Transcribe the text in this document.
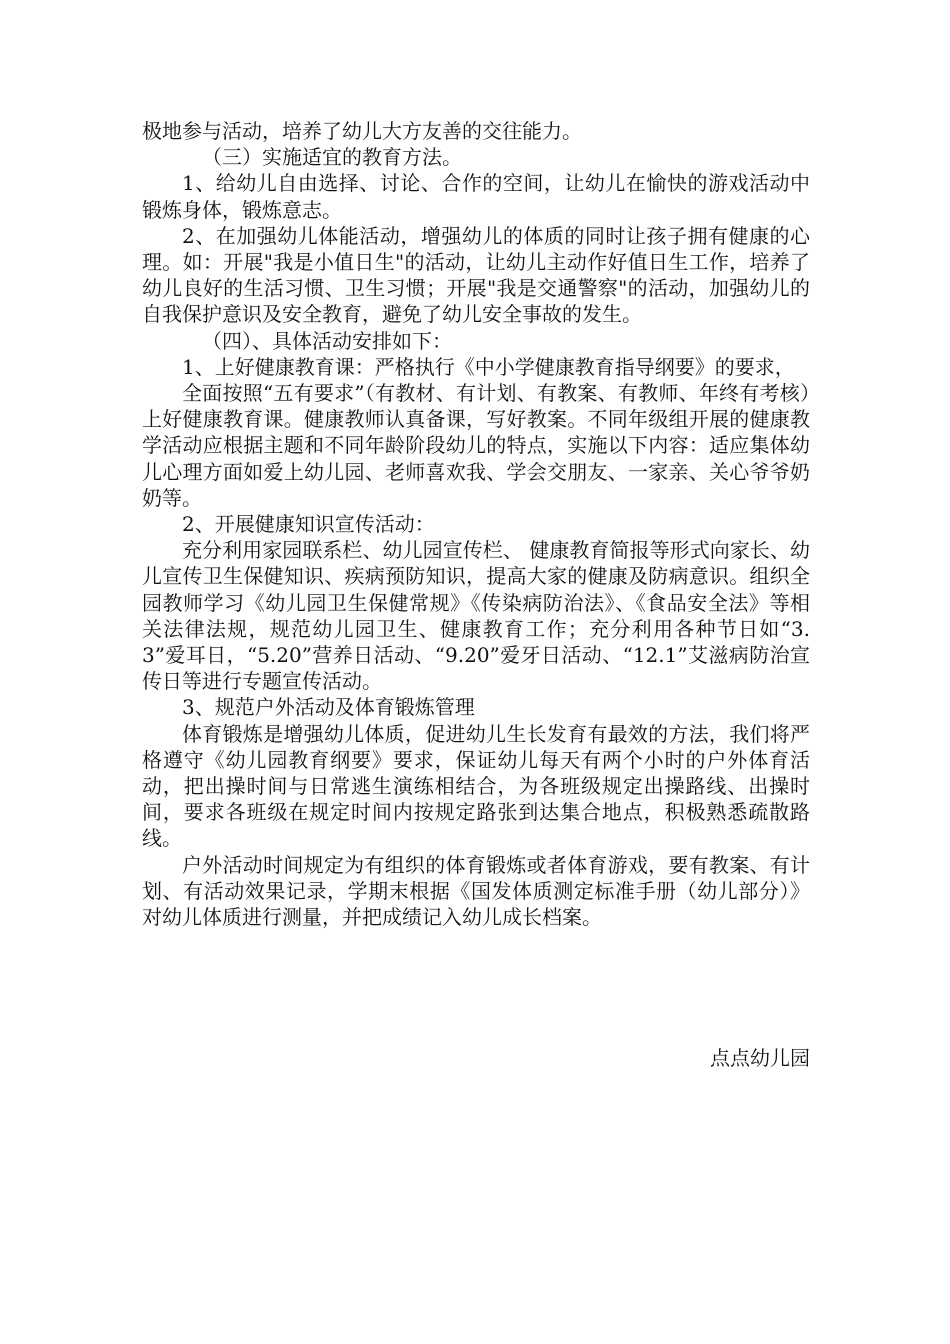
极地参与活动，培养了幼儿大方友善的交往能力。

（三）实施适宜的教育方法。

1、给幼儿自由选择、讨论、合作的空间，让幼儿在愉快的游戏活动中锻炼身体，锻炼意志。

2、在加强幼儿体能活动，增强幼儿的体质的同时让孩子拥有健康的心理。如：开展"我是小值日生"的活动，让幼儿主动作好值日生工作，培养了幼儿良好的生活习惯、卫生习惯；开展"我是交通警察"的活动，加强幼儿的自我保护意识及安全教育，避免了幼儿安全事故的发生。

（四）、具体活动安排如下：

1、上好健康教育课：严格执行《中小学健康教育指导纲要》的要求，

全面按照“五有要求”（有教材、有计划、有教案、有教师、年终有考核）上好健康教育课。健康教师认真备课，写好教案。不同年级组开展的健康教学活动应根据主题和不同年龄阶段幼儿的特点，实施以下内容：适应集体幼儿心理方面如爱上幼儿园、老师喜欢我、学会交朋友、一家亲、关心爷爷奶奶等。

2、开展健康知识宣传活动：

充分利用家园联系栏、幼儿园宣传栏、 健康教育简报等形式向家长、幼儿宣传卫生保健知识、疾病预防知识，提高大家的健康及防病意识。组织全园教师学习《幼儿园卫生保健常规》《传染病防治法》、《食品安全法》等相关法律法规，规范幼儿园卫生、健康教育工作；充分利用各种节日如“3.3”爱耳日，“5.20”营养日活动、“9.20”爱牙日活动、“12.1”艾滋病防治宣传日等进行专题宣传活动。

3、规范户外活动及体育锻炼管理

体育锻炼是增强幼儿体质，促进幼儿生长发育有最效的方法，我们将严格遵守《幼儿园教育纲要》要求，保证幼儿每天有两个小时的户外体育活动，把出操时间与日常逃生演练相结合，为各班级规定出操路线、出操时间，要求各班级在规定时间内按规定路张到达集合地点，积极熟悉疏散路线。

户外活动时间规定为有组织的体育锻炼或者体育游戏，要有教案、有计划、有活动效果记录，学期末根据《国发体质测定标准手册（幼儿部分）》对幼儿体质进行测量，并把成绩记入幼儿成长档案。

点点幼儿园
